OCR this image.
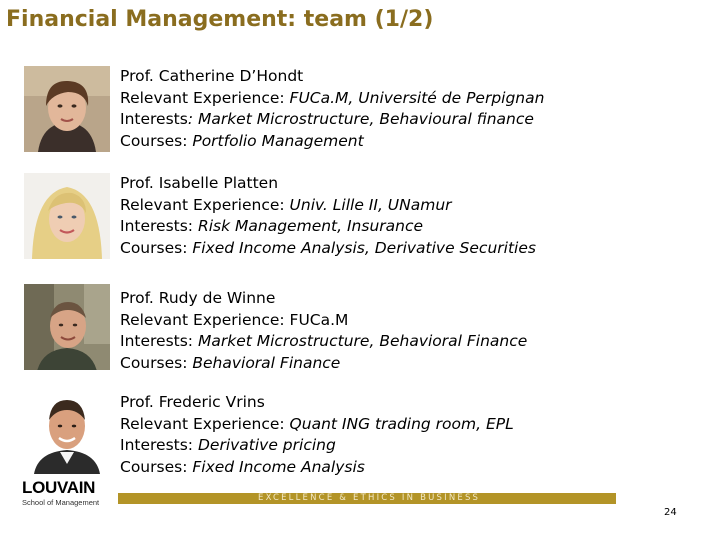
Financial Management: team (1/2)
Prof. Catherine D’Hondt
Relevant Experience: FUCa.M, Université de Perpignan
Interests: Market Microstructure, Behavioural finance
Courses: Portfolio Management
Prof. Isabelle Platten
Relevant Experience: Univ. Lille II, UNamur
Interests: Risk Management, Insurance
Courses: Fixed Income Analysis, Derivative Securities
Prof. Rudy de Winne
Relevant Experience: FUCa.M
Interests: Market Microstructure, Behavioral Finance
Courses: Behavioral Finance
Prof. Frederic Vrins
Relevant Experience: Quant ING trading room, EPL
Interests: Derivative pricing
Courses: Fixed Income Analysis
LOUVAIN
School of Management	EXCELLENCE & ETHICS IN BUSINESS
24
